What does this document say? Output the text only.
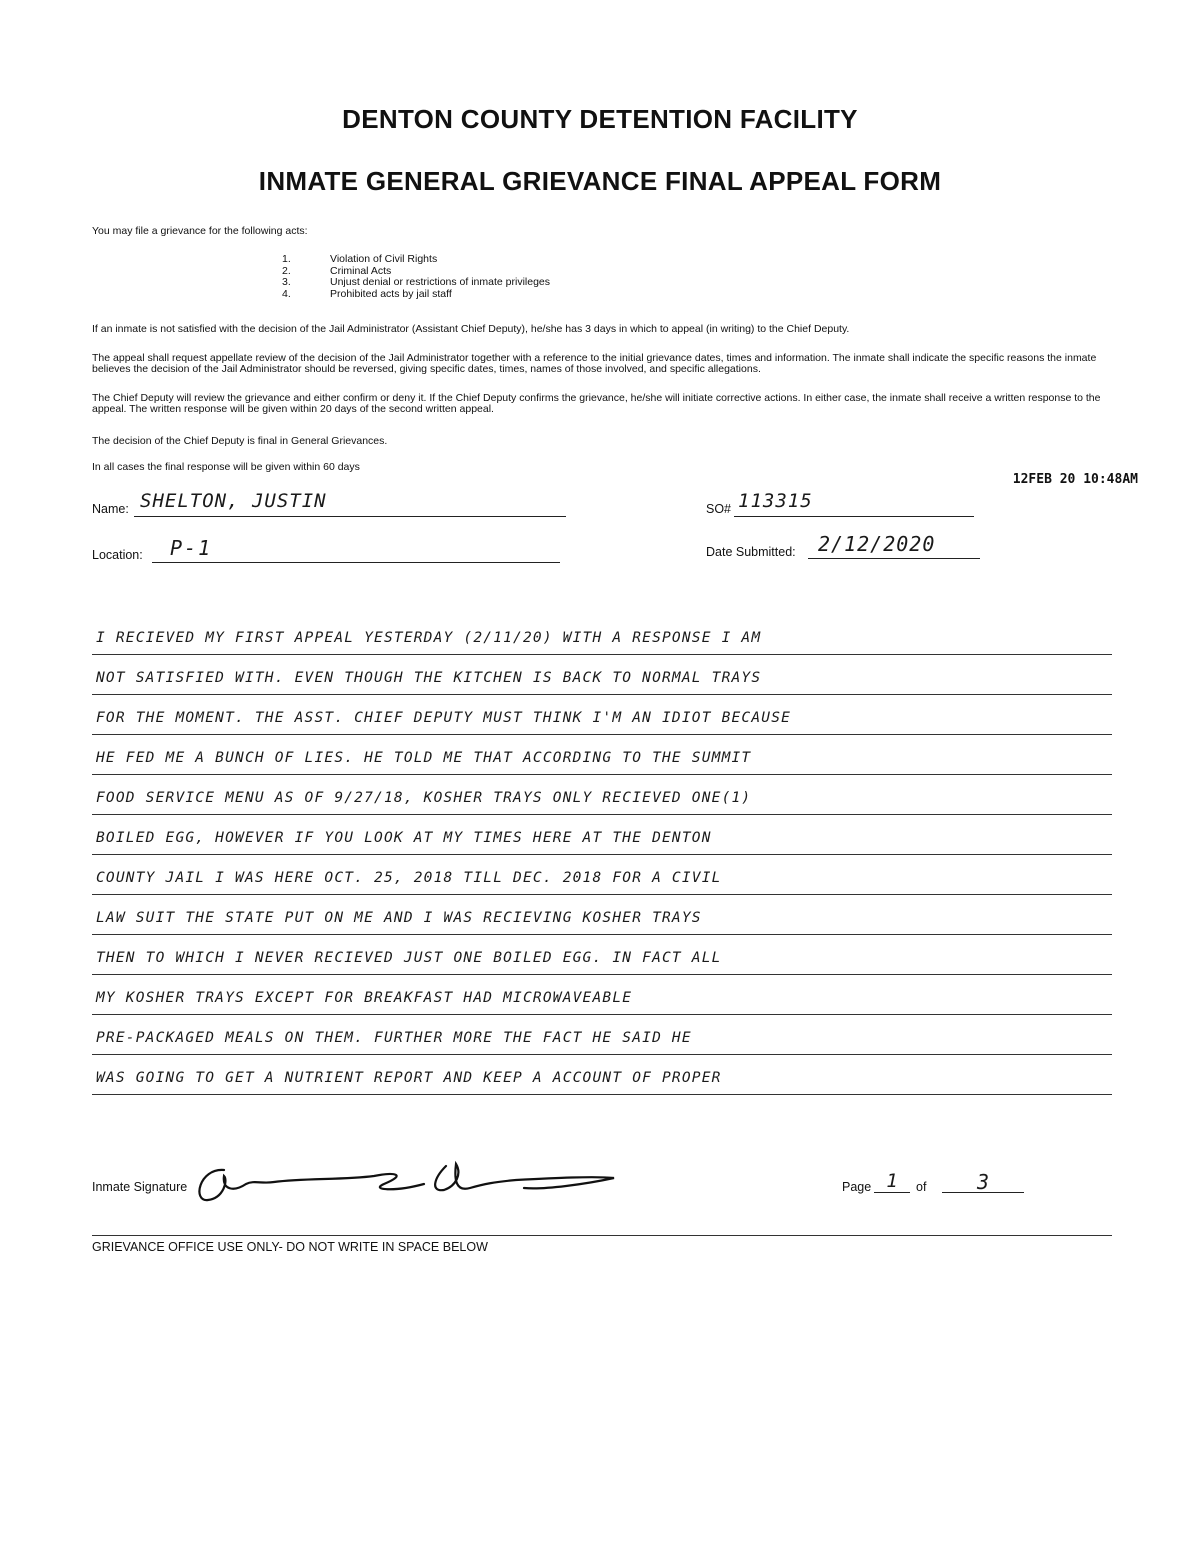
DENTON COUNTY DETENTION FACILITY
INMATE GENERAL GRIEVANCE FINAL APPEAL FORM
You may file a grievance for the following acts:
1.	Violation of Civil Rights
2.	Criminal Acts
3.	Unjust denial or restrictions of inmate privileges
4.	Prohibited acts by jail staff
If an inmate is not satisfied with the decision of the Jail Administrator (Assistant Chief Deputy), he/she has 3 days in which to appeal (in writing) to the Chief Deputy.
The appeal shall request appellate review of the decision of the Jail Administrator together with a reference to the initial grievance dates, times and information. The inmate shall indicate the specific reasons the inmate believes the decision of the Jail Administrator should be reversed, giving specific dates, times, names of those involved, and specific allegations.
The Chief Deputy will review the grievance and either confirm or deny it. If the Chief Deputy confirms the grievance, he/she will initiate corrective actions. In either case, the inmate shall receive a written response to the appeal. The written response will be given within 20 days of the second written appeal.
The decision of the Chief Deputy is final in General Grievances.
In all cases the final response will be given within 60 days
12FEB 20 10:48AM
Name: SHELTON, JUSTIN	SO# 113315
Location:	P-1	Date Submitted:	2/12/2020
I RECIEVED MY FIRST APPEAL YESTERDAY (2/11/20) WITH A RESPONSE I AM
NOT SATISFIED WITH. EVEN THOUGH THE KITCHEN IS BACK TO NORMAL TRAYS
FOR THE MOMENT. THE ASST. CHIEF DEPUTY MUST THINK I'M AN IDIOT BECAUSE
HE FED ME A BUNCH OF LIES. HE TOLD ME THAT ACCORDING TO THE SUMMIT
FOOD SERVICE MENU AS OF 9/27/18, KOSHER TRAYS ONLY RECIEVED ONE(1)
BOILED EGG, HOWEVER IF YOU LOOK AT MY TIMES HERE AT THE DENTON
COUNTY JAIL I WAS HERE OCT. 25, 2018 TILL DEC. 2018 FOR A CIVIL
LAW SUIT THE STATE PUT ON ME AND I WAS RECIEVING KOSHER TRAYS
THEN TO WHICH I NEVER RECIEVED JUST ONE BOILED EGG. IN FACT ALL
MY KOSHER TRAYS EXCEPT FOR BREAKFAST HAD MICROWAVEABLE
PRE-PACKAGED MEALS ON THEM. FURTHER MORE THE FACT HE SAID HE
WAS GOING TO GET A NUTRIENT REPORT AND KEEP A ACCOUNT OF PROPER
Inmate Signature	Page 1	of	3
GRIEVANCE OFFICE USE ONLY- DO NOT WRITE IN SPACE BELOW
